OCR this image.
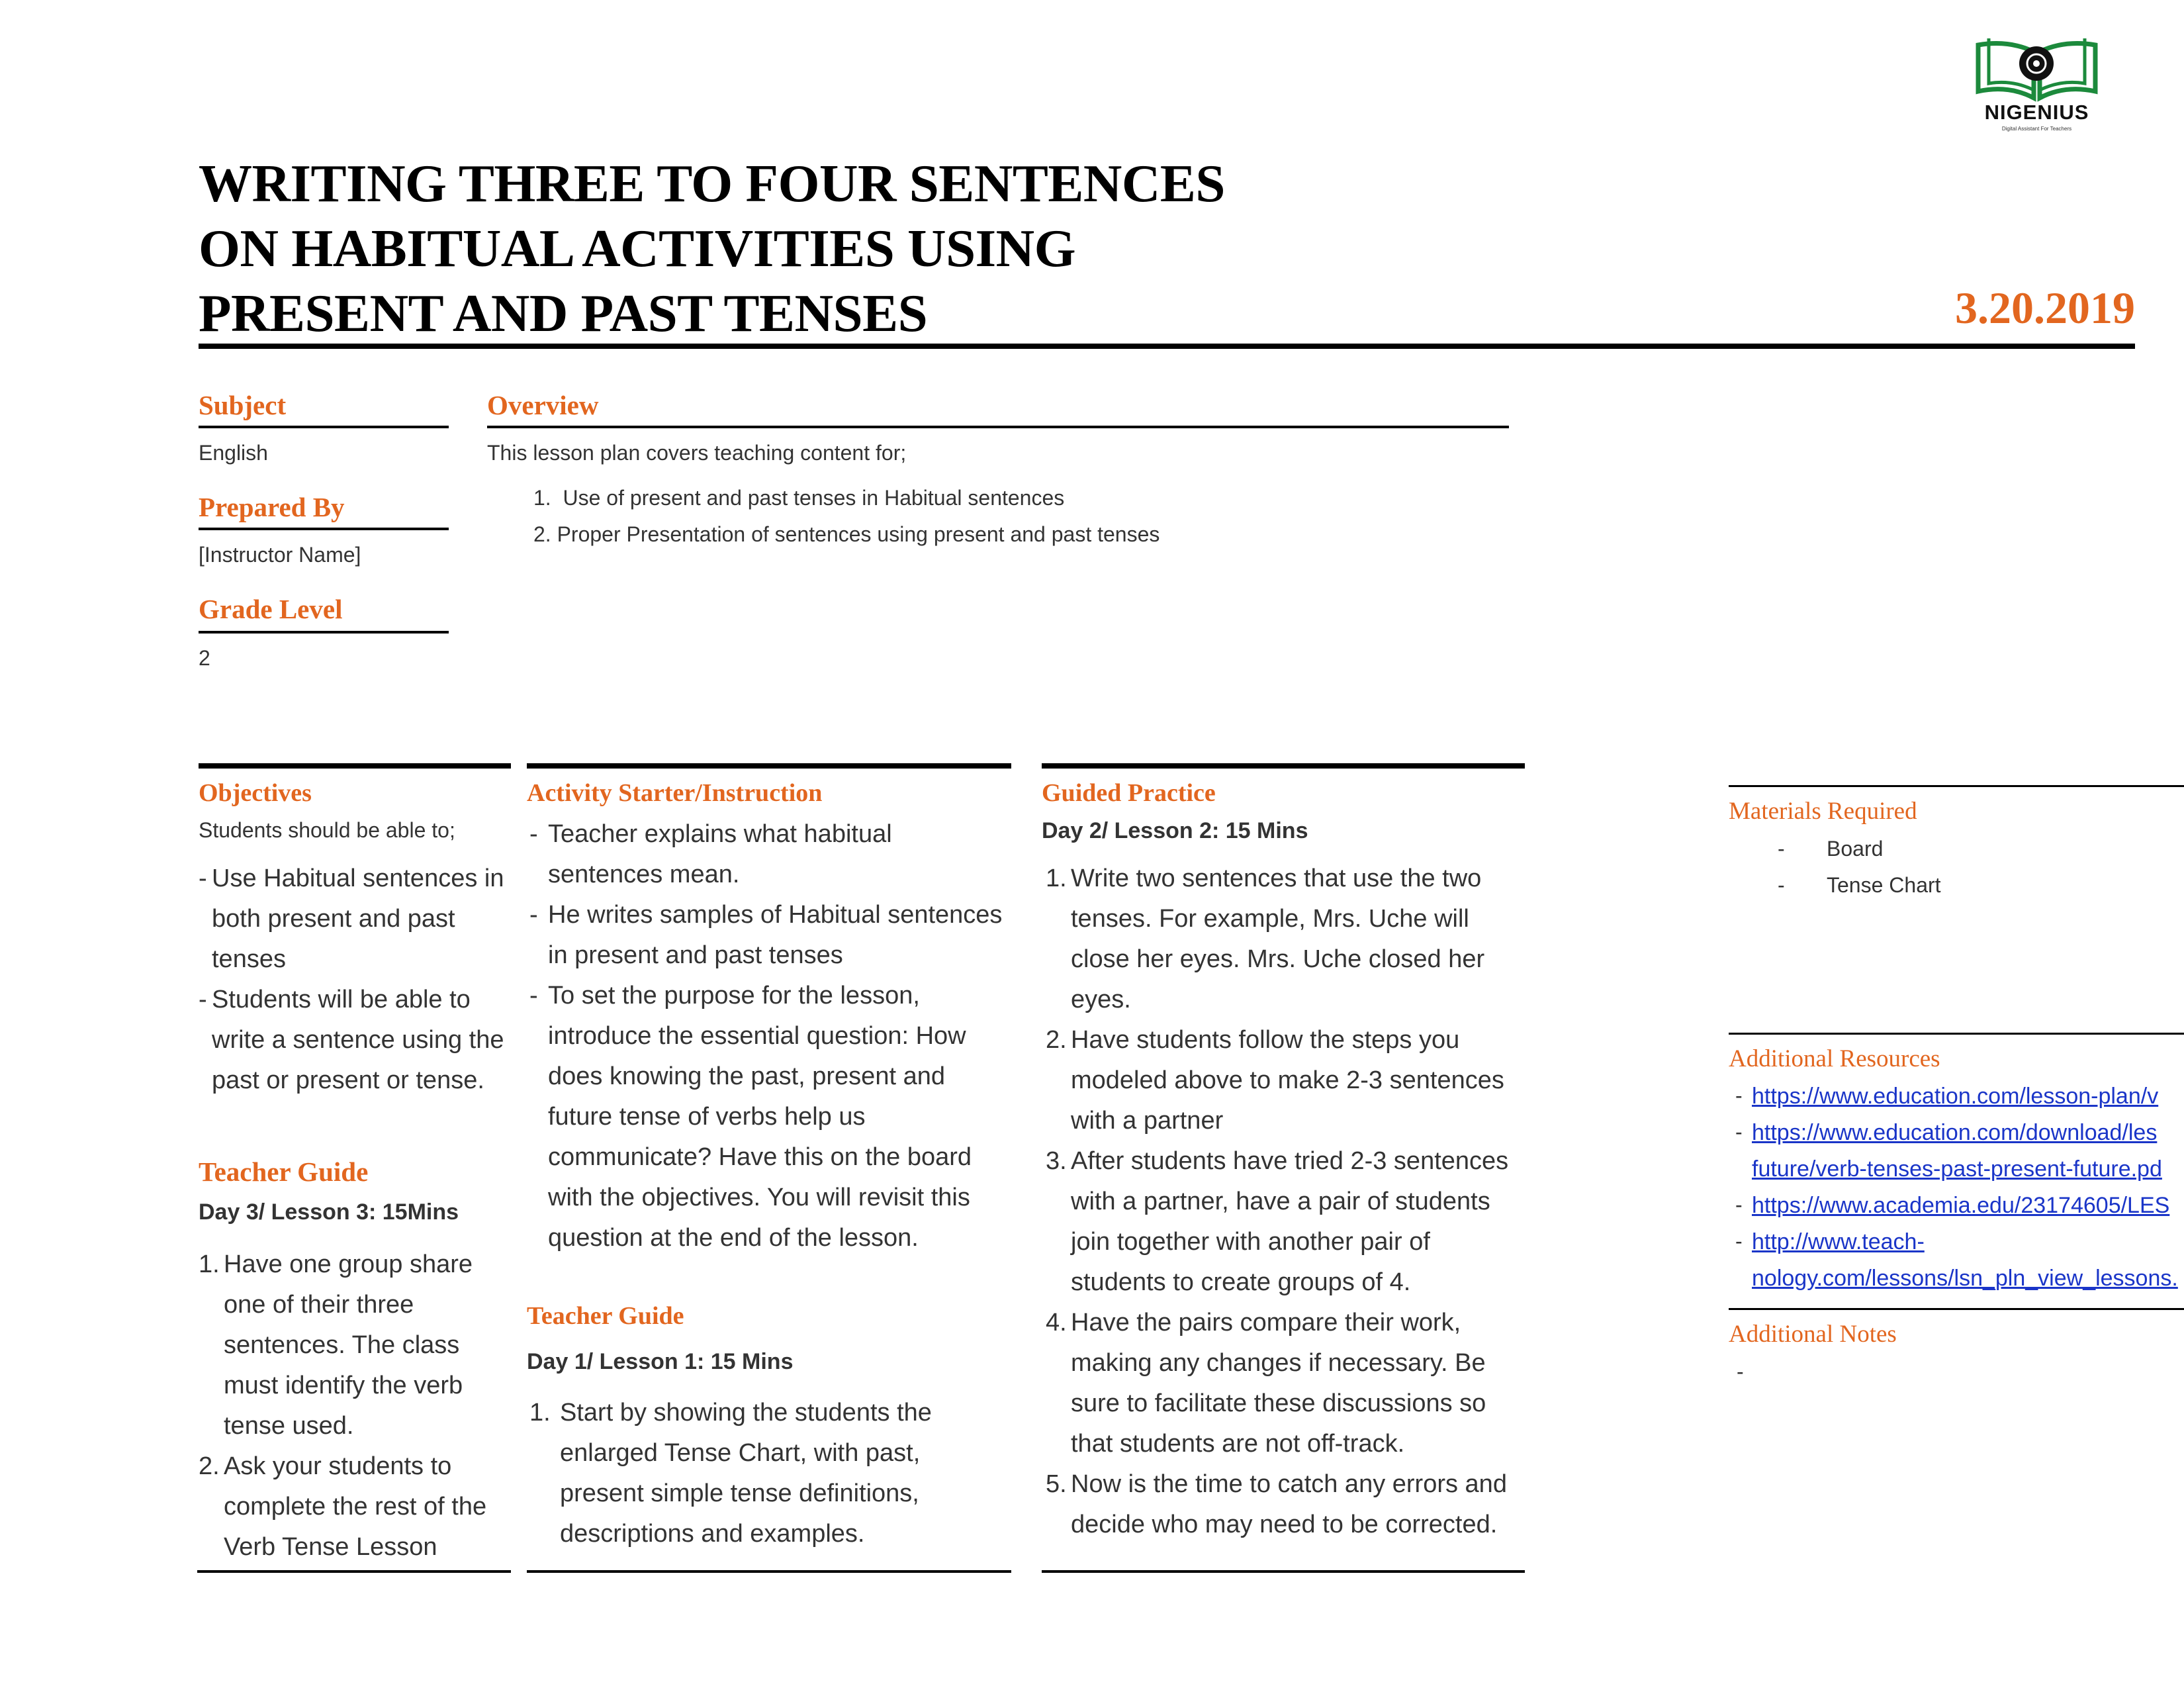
NIGENIUS
Digital Assistant For Teachers
WRITING THREE TO FOUR SENTENCES
ON HABITUAL ACTIVITIES USING
PRESENT AND PAST TENSES	3.20.2019
Subject
English
Prepared By
[Instructor Name]
Grade Level
2
Overview
This lesson plan covers teaching content for;
1. Use of present and past tenses in Habitual sentences
2. Proper Presentation of sentences using present and past tenses
Objectives
Students should be able to;
- Use Habitual sentences in both present and past tenses
- Students will be able to write a sentence using the past or present or tense.
Teacher Guide
Day 3/ Lesson 3: 15Mins
1. Have one group share one of their three sentences. The class must identify the verb tense used.
2. Ask your students to complete the rest of the Verb Tense Lesson
Activity Starter/Instruction
- Teacher explains what habitual sentences mean.
- He writes samples of Habitual sentences in present and past tenses
- To set the purpose for the lesson, introduce the essential question: How does knowing the past, present and future tense of verbs help us communicate? Have this on the board with the objectives. You will revisit this question at the end of the lesson.
Teacher Guide
Day 1/ Lesson 1: 15 Mins
1. Start by showing the students the enlarged Tense Chart, with past, present simple tense definitions, descriptions and examples.
Guided Practice
Day 2/ Lesson 2: 15 Mins
1. Write two sentences that use the two tenses. For example, Mrs. Uche will close her eyes. Mrs. Uche closed her eyes.
2. Have students follow the steps you modeled above to make 2-3 sentences with a partner
3. After students have tried 2-3 sentences with a partner, have a pair of students join together with another pair of students to create groups of 4.
4. Have the pairs compare their work, making any changes if necessary. Be sure to facilitate these discussions so that students are not off-track.
5. Now is the time to catch any errors and decide who may need to be corrected.
Materials Required
- Board
- Tense Chart
Additional Resources
- https://www.education.com/lesson-plan/v
- https://www.education.com/download/les
future/verb-tenses-past-present-future.pd
- https://www.academia.edu/23174605/LES
- http://www.teach-
nology.com/lessons/lsn_pln_view_lessons.
Additional Notes
-
